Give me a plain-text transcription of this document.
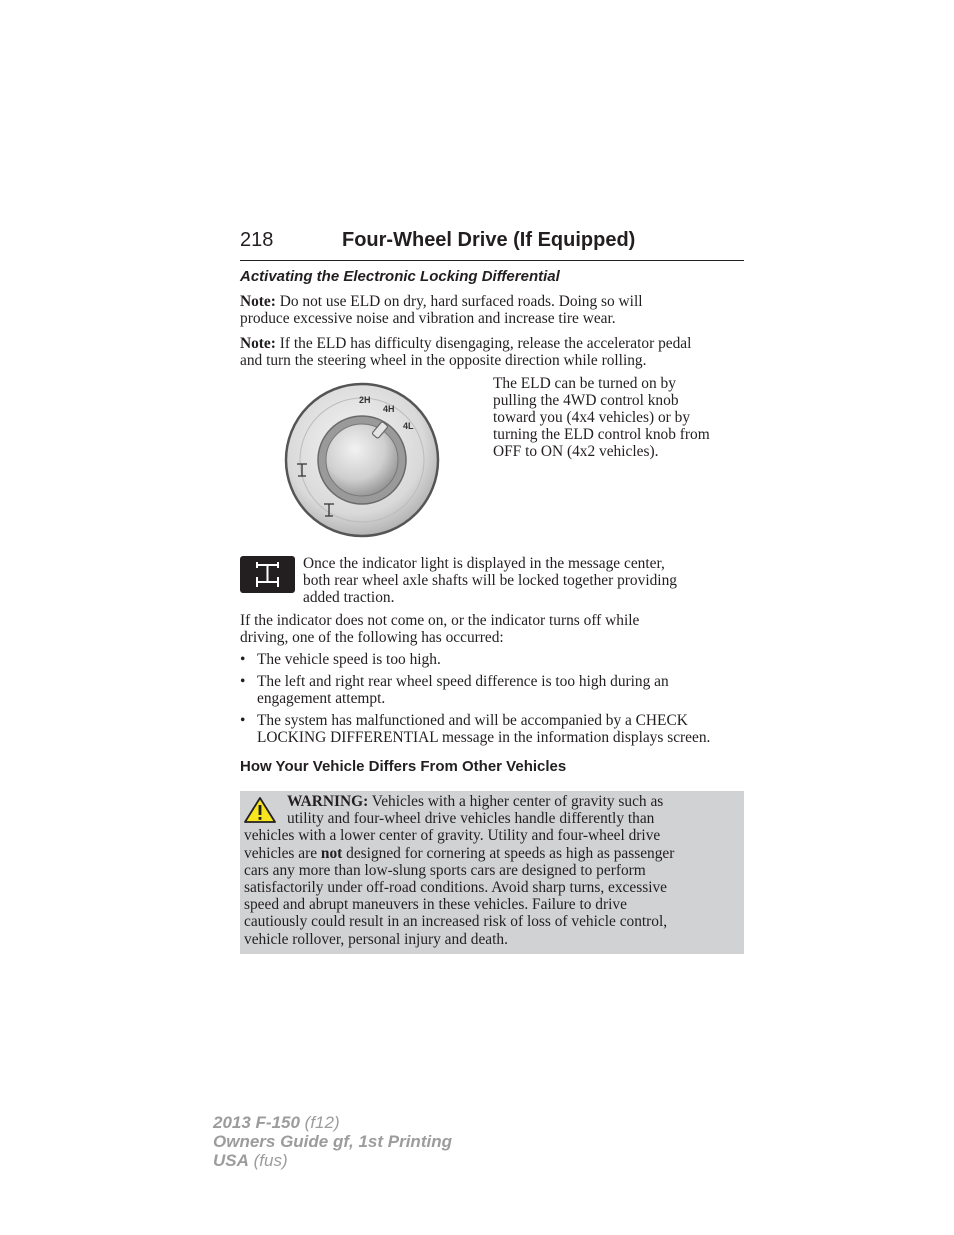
218	Four-Wheel Drive (If Equipped)
Activating the Electronic Locking Differential
Note: Do not use ELD on dry, hard surfaced roads. Doing so will
produce excessive noise and vibration and increase tire wear.
Note: If the ELD has difficulty disengaging, release the accelerator pedal
and turn the steering wheel in the opposite direction while rolling.
2H
4H
4L
The ELD can be turned on by
pulling the 4WD control knob
toward you (4x4 vehicles) or by
turning the ELD control knob from
OFF to ON (4x2 vehicles).
Once the indicator light is displayed in the message center,
both rear wheel axle shafts will be locked together providing
added traction.
If the indicator does not come on, or the indicator turns off while
driving, one of the following has occurred:
• The vehicle speed is too high.
• The left and right rear wheel speed difference is too high during an
engagement attempt.
• The system has malfunctioned and will be accompanied by a CHECK
LOCKING DIFFERENTIAL message in the information displays screen.
How Your Vehicle Differs From Other Vehicles
WARNING: Vehicles with a higher center of gravity such as
utility and four-wheel drive vehicles handle differently than
vehicles with a lower center of gravity. Utility and four-wheel drive
vehicles are not designed for cornering at speeds as high as passenger
cars any more than low-slung sports cars are designed to perform
satisfactorily under off-road conditions. Avoid sharp turns, excessive
speed and abrupt maneuvers in these vehicles. Failure to drive
cautiously could result in an increased risk of loss of vehicle control,
vehicle rollover, personal injury and death.
2013 F-150 (f12)
Owners Guide gf, 1st Printing
USA (fus)
